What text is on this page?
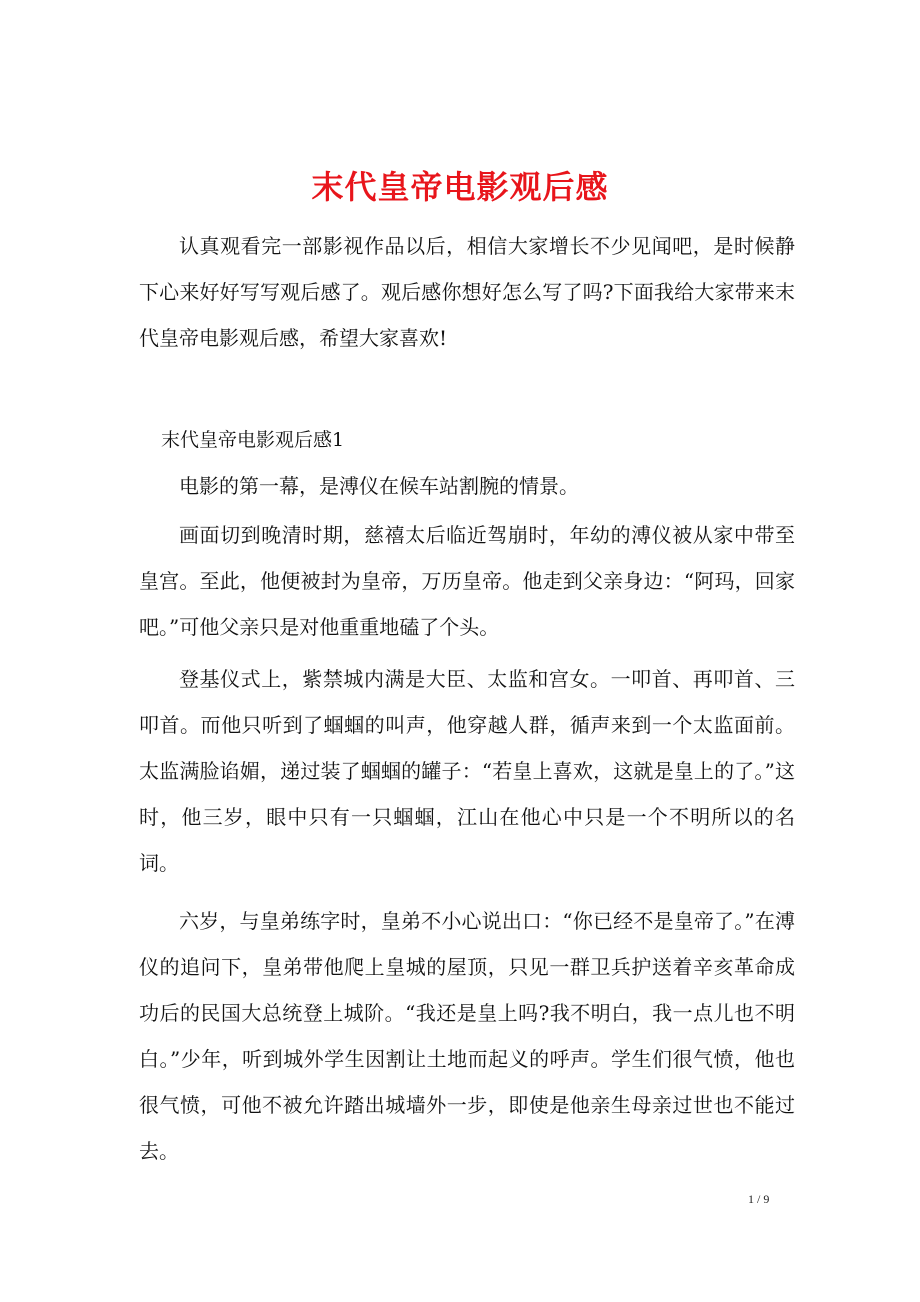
末代皇帝电影观后感

认真观看完一部影视作品以后，相信大家增长不少见闻吧，是时候静下心来好好写写观后感了。观后感你想好怎么写了吗?下面我给大家带来末代皇帝电影观后感，希望大家喜欢!

末代皇帝电影观后感1

电影的第一幕，是溥仪在候车站割腕的情景。

画面切到晚清时期，慈禧太后临近驾崩时，年幼的溥仪被从家中带至皇宫。至此，他便被封为皇帝，万历皇帝。他走到父亲身边：“阿玛，回家吧。”可他父亲只是对他重重地磕了个头。

登基仪式上，紫禁城内满是大臣、太监和宫女。一叩首、再叩首、三叩首。而他只听到了蝈蝈的叫声，他穿越人群，循声来到一个太监面前。太监满脸谄媚，递过装了蝈蝈的罐子：“若皇上喜欢，这就是皇上的了。”这时，他三岁，眼中只有一只蝈蝈，江山在他心中只是一个不明所以的名词。

六岁，与皇弟练字时，皇弟不小心说出口：“你已经不是皇帝了。”在溥仪的追问下，皇弟带他爬上皇城的屋顶，只见一群卫兵护送着辛亥革命成功后的民国大总统登上城阶。“我还是皇上吗?我不明白，我一点儿也不明白。”少年，听到城外学生因割让土地而起义的呼声。学生们很气愤，他也很气愤，可他不被允许踏出城墙外一步，即使是他亲生母亲过世也不能过去。

1 / 9
